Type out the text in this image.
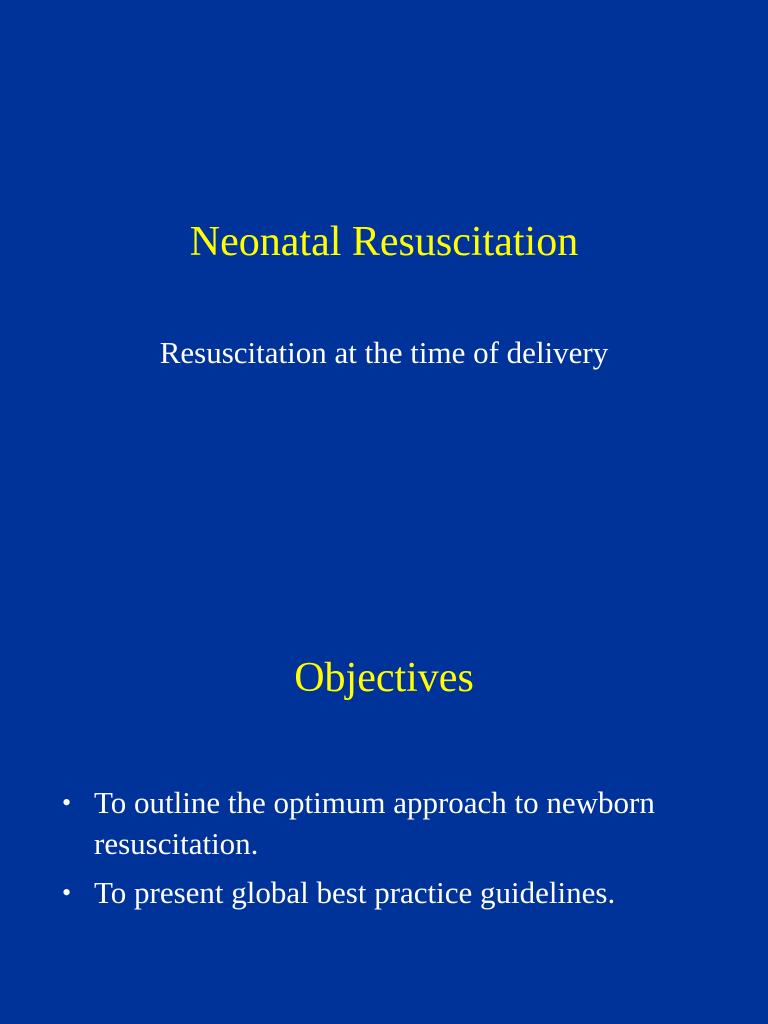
Neonatal Resuscitation
Resuscitation at the time of delivery
Objectives
• To outline the optimum approach to newborn resuscitation.
• To present global best practice guidelines.
